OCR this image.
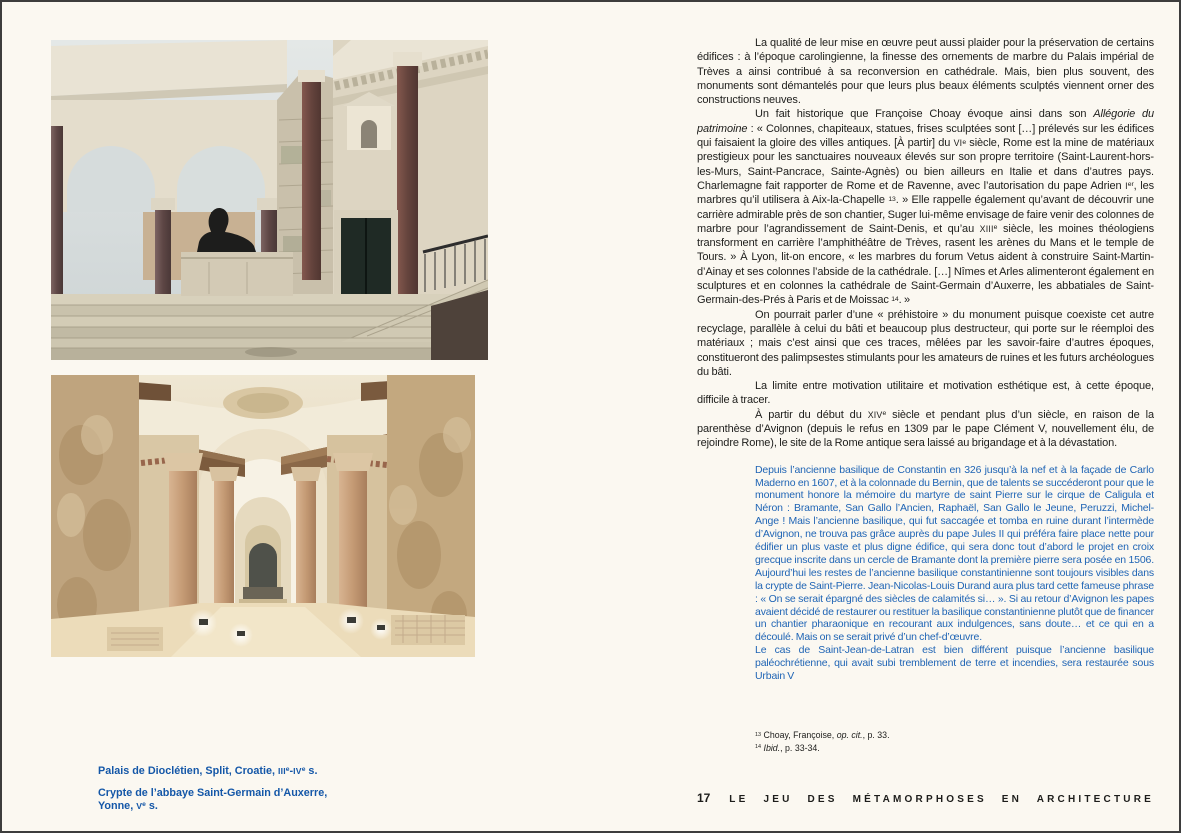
Palais de Dioclétien, Split, Croatie, IIIe-IVe s.

Crypte de l’abbaye Saint-Germain d’Auxerre, Yonne, Ve s.

La qualité de leur mise en œuvre peut aussi plaider pour la préservation de certains édifices : à l’époque carolingienne, la finesse des ornements de marbre du Palais impérial de Trèves a ainsi contribué à sa reconversion en cathédrale. Mais, bien plus souvent, des monuments sont démantelés pour que leurs plus beaux éléments sculptés viennent orner des constructions neuves.

Un fait historique que Françoise Choay évoque ainsi dans son Allégorie du patrimoine : « Colonnes, chapiteaux, statues, frises sculptées sont […] prélevés sur les édifices qui faisaient la gloire des villes antiques. [À partir] du VIe siècle, Rome est la mine de matériaux prestigieux pour les sanctuaires nouveaux élevés sur son propre territoire (Saint-Laurent-hors-les-Murs, Saint-Pancrace, Sainte-Agnès) ou bien ailleurs en Italie et dans d’autres pays. Charlemagne fait rapporter de Rome et de Ravenne, avec l’autorisation du pape Adrien Ier, les marbres qu’il utilisera à Aix-la-Chapelle $^{13}$. » Elle rappelle également qu’avant de découvrir une carrière admirable près de son chantier, Suger lui-même envisage de faire venir des colonnes de marbre pour l’agrandissement de Saint-Denis, et qu’au XIIIe siècle, les moines théologiens transforment en carrière l’amphithéâtre de Trèves, rasent les arènes du Mans et le temple de Tours. » À Lyon, lit-on encore, « les marbres du forum Vetus aident à construire Saint-Martin-d’Ainay et ses colonnes l’abside de la cathédrale. […] Nîmes et Arles alimenteront également en sculptures et en colonnes la cathédrale de Saint-Germain d’Auxerre, les abbatiales de Saint-Germain-des-Prés à Paris et de Moissac $^{14}$. »

On pourrait parler d’une « préhistoire » du monument puisque coexiste cet autre recyclage, parallèle à celui du bâti et beaucoup plus destructeur, qui porte sur le réemploi des matériaux ; mais c’est ainsi que ces traces, mêlées par les savoir-faire d’autres époques, constitueront des palimpsestes stimulants pour les amateurs de ruines et les futurs archéologues du bâti.

La limite entre motivation utilitaire et motivation esthétique est, à cette époque, difficile à tracer.

À partir du début du XIVe siècle et pendant plus d’un siècle, en raison de la parenthèse d’Avignon (depuis le refus en 1309 par le pape Clément V, nouvellement élu, de rejoindre Rome), le site de la Rome antique sera laissé au brigandage et à la dévastation.

Depuis l’ancienne basilique de Constantin en 326 jusqu’à la nef et à la façade de Carlo Maderno en 1607, et à la colonnade du Bernin, que de talents se succéderont pour que le monument honore la mémoire du martyre de saint Pierre sur le cirque de Caligula et Néron : Bramante, San Gallo l’Ancien, Raphaël, San Gallo le Jeune, Peruzzi, Michel-Ange ! Mais l’ancienne basilique, qui fut saccagée et tomba en ruine durant l’intermède d’Avignon, ne trouva pas grâce auprès du pape Jules II qui préféra faire place nette pour édifier un plus vaste et plus digne édifice, qui sera donc tout d’abord le projet en croix grecque inscrite dans un cercle de Bramante dont la première pierre sera posée en 1506. Aujourd’hui les restes de l’ancienne basilique constantinienne sont toujours visibles dans la crypte de Saint-Pierre. Jean-Nicolas-Louis Durand aura plus tard cette fameuse phrase : « On se serait épargné des siècles de calamités si… ». Si au retour d’Avignon les papes avaient décidé de restaurer ou restituer la basilique constantinienne plutôt que de financer un chantier pharaonique en recourant aux indulgences, sans doute… et ce qui en a découlé. Mais on se serait privé d’un chef-d’œuvre.

Le cas de Saint-Jean-de-Latran est bien différent puisque l’ancienne basilique paléochrétienne, qui avait subi tremblement de terre et incendies, sera restaurée sous Urbain V

$^{13}$ Choay, Françoise, op. cit., p. 33.

$^{14}$ Ibid., p. 33-34.

17 LE JEU DES MÉTAMORPHOSES EN ARCHITECTURE
